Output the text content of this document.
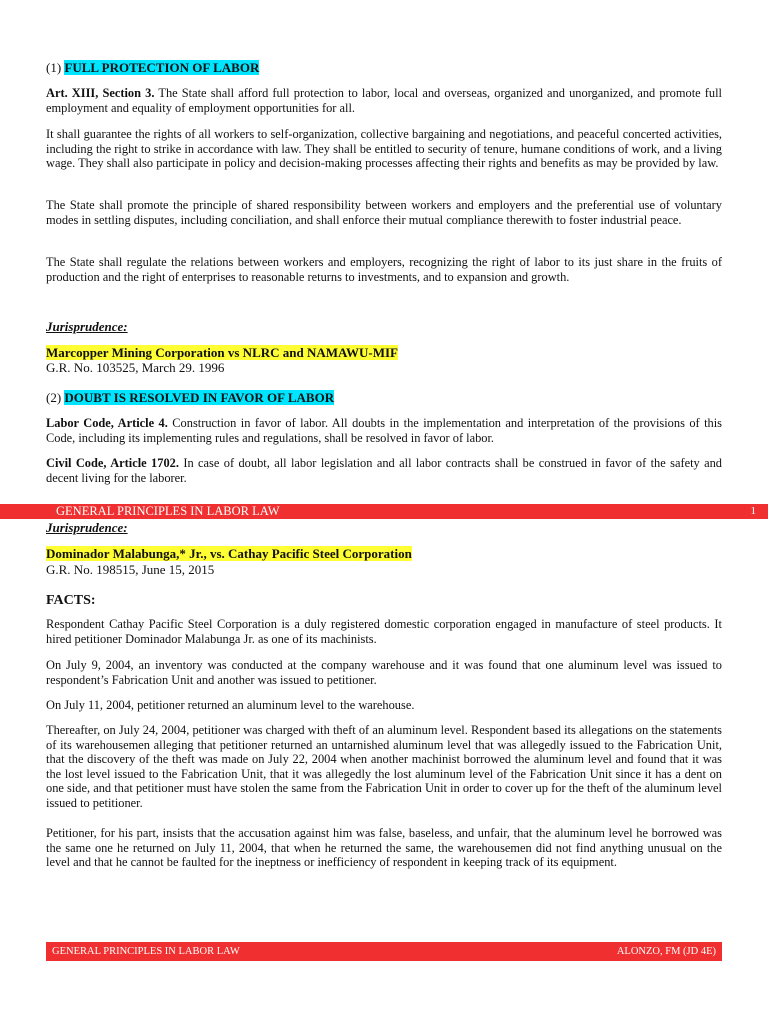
(1) FULL PROTECTION OF LABOR
Art. XIII, Section 3. The State shall afford full protection to labor, local and overseas, organized and unorganized, and promote full employment and equality of employment opportunities for all.
It shall guarantee the rights of all workers to self-organization, collective bargaining and negotiations, and peaceful concerted activities, including the right to strike in accordance with law. They shall be entitled to security of tenure, humane conditions of work, and a living wage. They shall also participate in policy and decision-making processes affecting their rights and benefits as may be provided by law.
The State shall promote the principle of shared responsibility between workers and employers and the preferential use of voluntary modes in settling disputes, including conciliation, and shall enforce their mutual compliance therewith to foster industrial peace.
The State shall regulate the relations between workers and employers, recognizing the right of labor to its just share in the fruits of production and the right of enterprises to reasonable returns to investments, and to expansion and growth.
Jurisprudence:
Marcopper Mining Corporation vs NLRC and NAMAWU-MIF
G.R. No. 103525, March 29. 1996
(2) DOUBT IS RESOLVED IN FAVOR OF LABOR
Labor Code, Article 4. Construction in favor of labor. All doubts in the implementation and interpretation of the provisions of this Code, including its implementing rules and regulations, shall be resolved in favor of labor.
Civil Code, Article 1702. In case of doubt, all labor legislation and all labor contracts shall be construed in favor of the safety and decent living for the laborer.
GENERAL PRINCIPLES IN LABOR LAW	1
Jurisprudence:
Dominador Malabunga,* Jr., vs. Cathay Pacific Steel Corporation
G.R. No. 198515, June 15, 2015
FACTS:
Respondent Cathay Pacific Steel Corporation is a duly registered domestic corporation engaged in manufacture of steel products. It hired petitioner Dominador Malabunga Jr. as one of its machinists.
On July 9, 2004, an inventory was conducted at the company warehouse and it was found that one aluminum level was issued to respondent’s Fabrication Unit and another was issued to petitioner.
On July 11, 2004, petitioner returned an aluminum level to the warehouse.
Thereafter, on July 24, 2004, petitioner was charged with theft of an aluminum level. Respondent based its allegations on the statements of its warehousemen alleging that petitioner returned an untarnished aluminum level that was allegedly issued to the Fabrication Unit, that the discovery of the theft was made on July 22, 2004 when another machinist borrowed the aluminum level and found that it was the lost level issued to the Fabrication Unit, that it was allegedly the lost aluminum level of the Fabrication Unit since it has a dent on one side, and that petitioner must have stolen the same from the Fabrication Unit in order to cover up for the theft of the aluminum level issued to petitioner.
Petitioner, for his part, insists that the accusation against him was false, baseless, and unfair, that the aluminum level he borrowed was the same one he returned on July 11, 2004, that when he returned the same, the warehousemen did not find anything unusual on the level and that he cannot be faulted for the ineptness or inefficiency of respondent in keeping track of its equipment.
GENERAL PRINCIPLES IN LABOR LAW	ALONZO, FM (JD 4E)
